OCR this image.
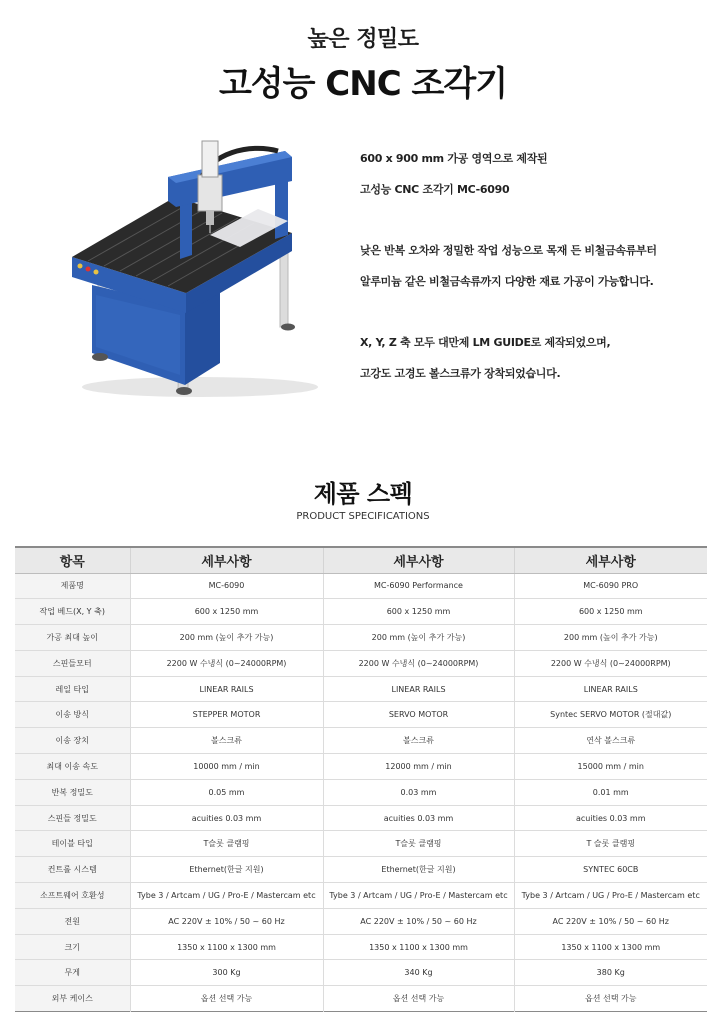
높은 정밀도
고성능 CNC 조각기

600 x 900 mm 가공 영역으로 제작된

고성능 CNC 조각기 MC-6090

낮은 반복 오차와 정밀한 작업 성능으로 목재 든 비철금속류부터

알루미늄 같은 비철금속류까지 다양한 재료 가공이 가능합니다.

X, Y, Z 축 모두 대만제 LM GUIDE로 제작되었으며,

고강도 고경도 볼스크류가 장착되었습니다.

제품 스펙
PRODUCT SPECIFICATIONS
항목	세부사항	세부사항	세부사항
제품명	MC-6090	MC-6090 Performance	MC-6090 PRO
작업 베드(X, Y 축)	600 x 1250 mm	600 x 1250 mm	600 x 1250 mm
가공 최대 높이	200 mm (높이 추가 가능)	200 mm (높이 추가 가능)	200 mm (높이 추가 가능)
스핀들모터	2200 W 수냉식 (0~24000RPM)	2200 W 수냉식 (0~24000RPM)	2200 W 수냉식 (0~24000RPM)
레일 타입	LINEAR RAILS	LINEAR RAILS	LINEAR RAILS
이송 방식	STEPPER MOTOR	SERVO MOTOR	Syntec SERVO MOTOR (절대값)
이송 장치	볼스크류	볼스크류	연삭 볼스크류
최대 이송 속도	10000 mm / min	12000 mm / min	15000 mm / min
반복 정밀도	0.05 mm	0.03 mm	0.01 mm
스핀들 정밀도	acuities 0.03 mm	acuities 0.03 mm	acuities 0.03 mm
테이블 타입	T슬롯 클램핑	T슬롯 클램핑	T 슬롯 클램핑
컨트롤 시스템	Ethernet(한글 지원)	Ethernet(한글 지원)	SYNTEC 60CB
소프트웨어 호환성	Tybe 3 / Artcam / UG / Pro-E / Mastercam etc	Tybe 3 / Artcam / UG / Pro-E / Mastercam etc	Tybe 3 / Artcam / UG / Pro-E / Mastercam etc
전원	AC 220V ± 10% / 50 ~ 60 Hz	AC 220V ± 10% / 50 ~ 60 Hz	AC 220V ± 10% / 50 ~ 60 Hz
크기	1350 x 1100 x 1300 mm	1350 x 1100 x 1300 mm	1350 x 1100 x 1300 mm
무게	300 Kg	340 Kg	380 Kg
외부 케이스	옵션 선택 가능	옵션 선택 가능	옵션 선택 가능
